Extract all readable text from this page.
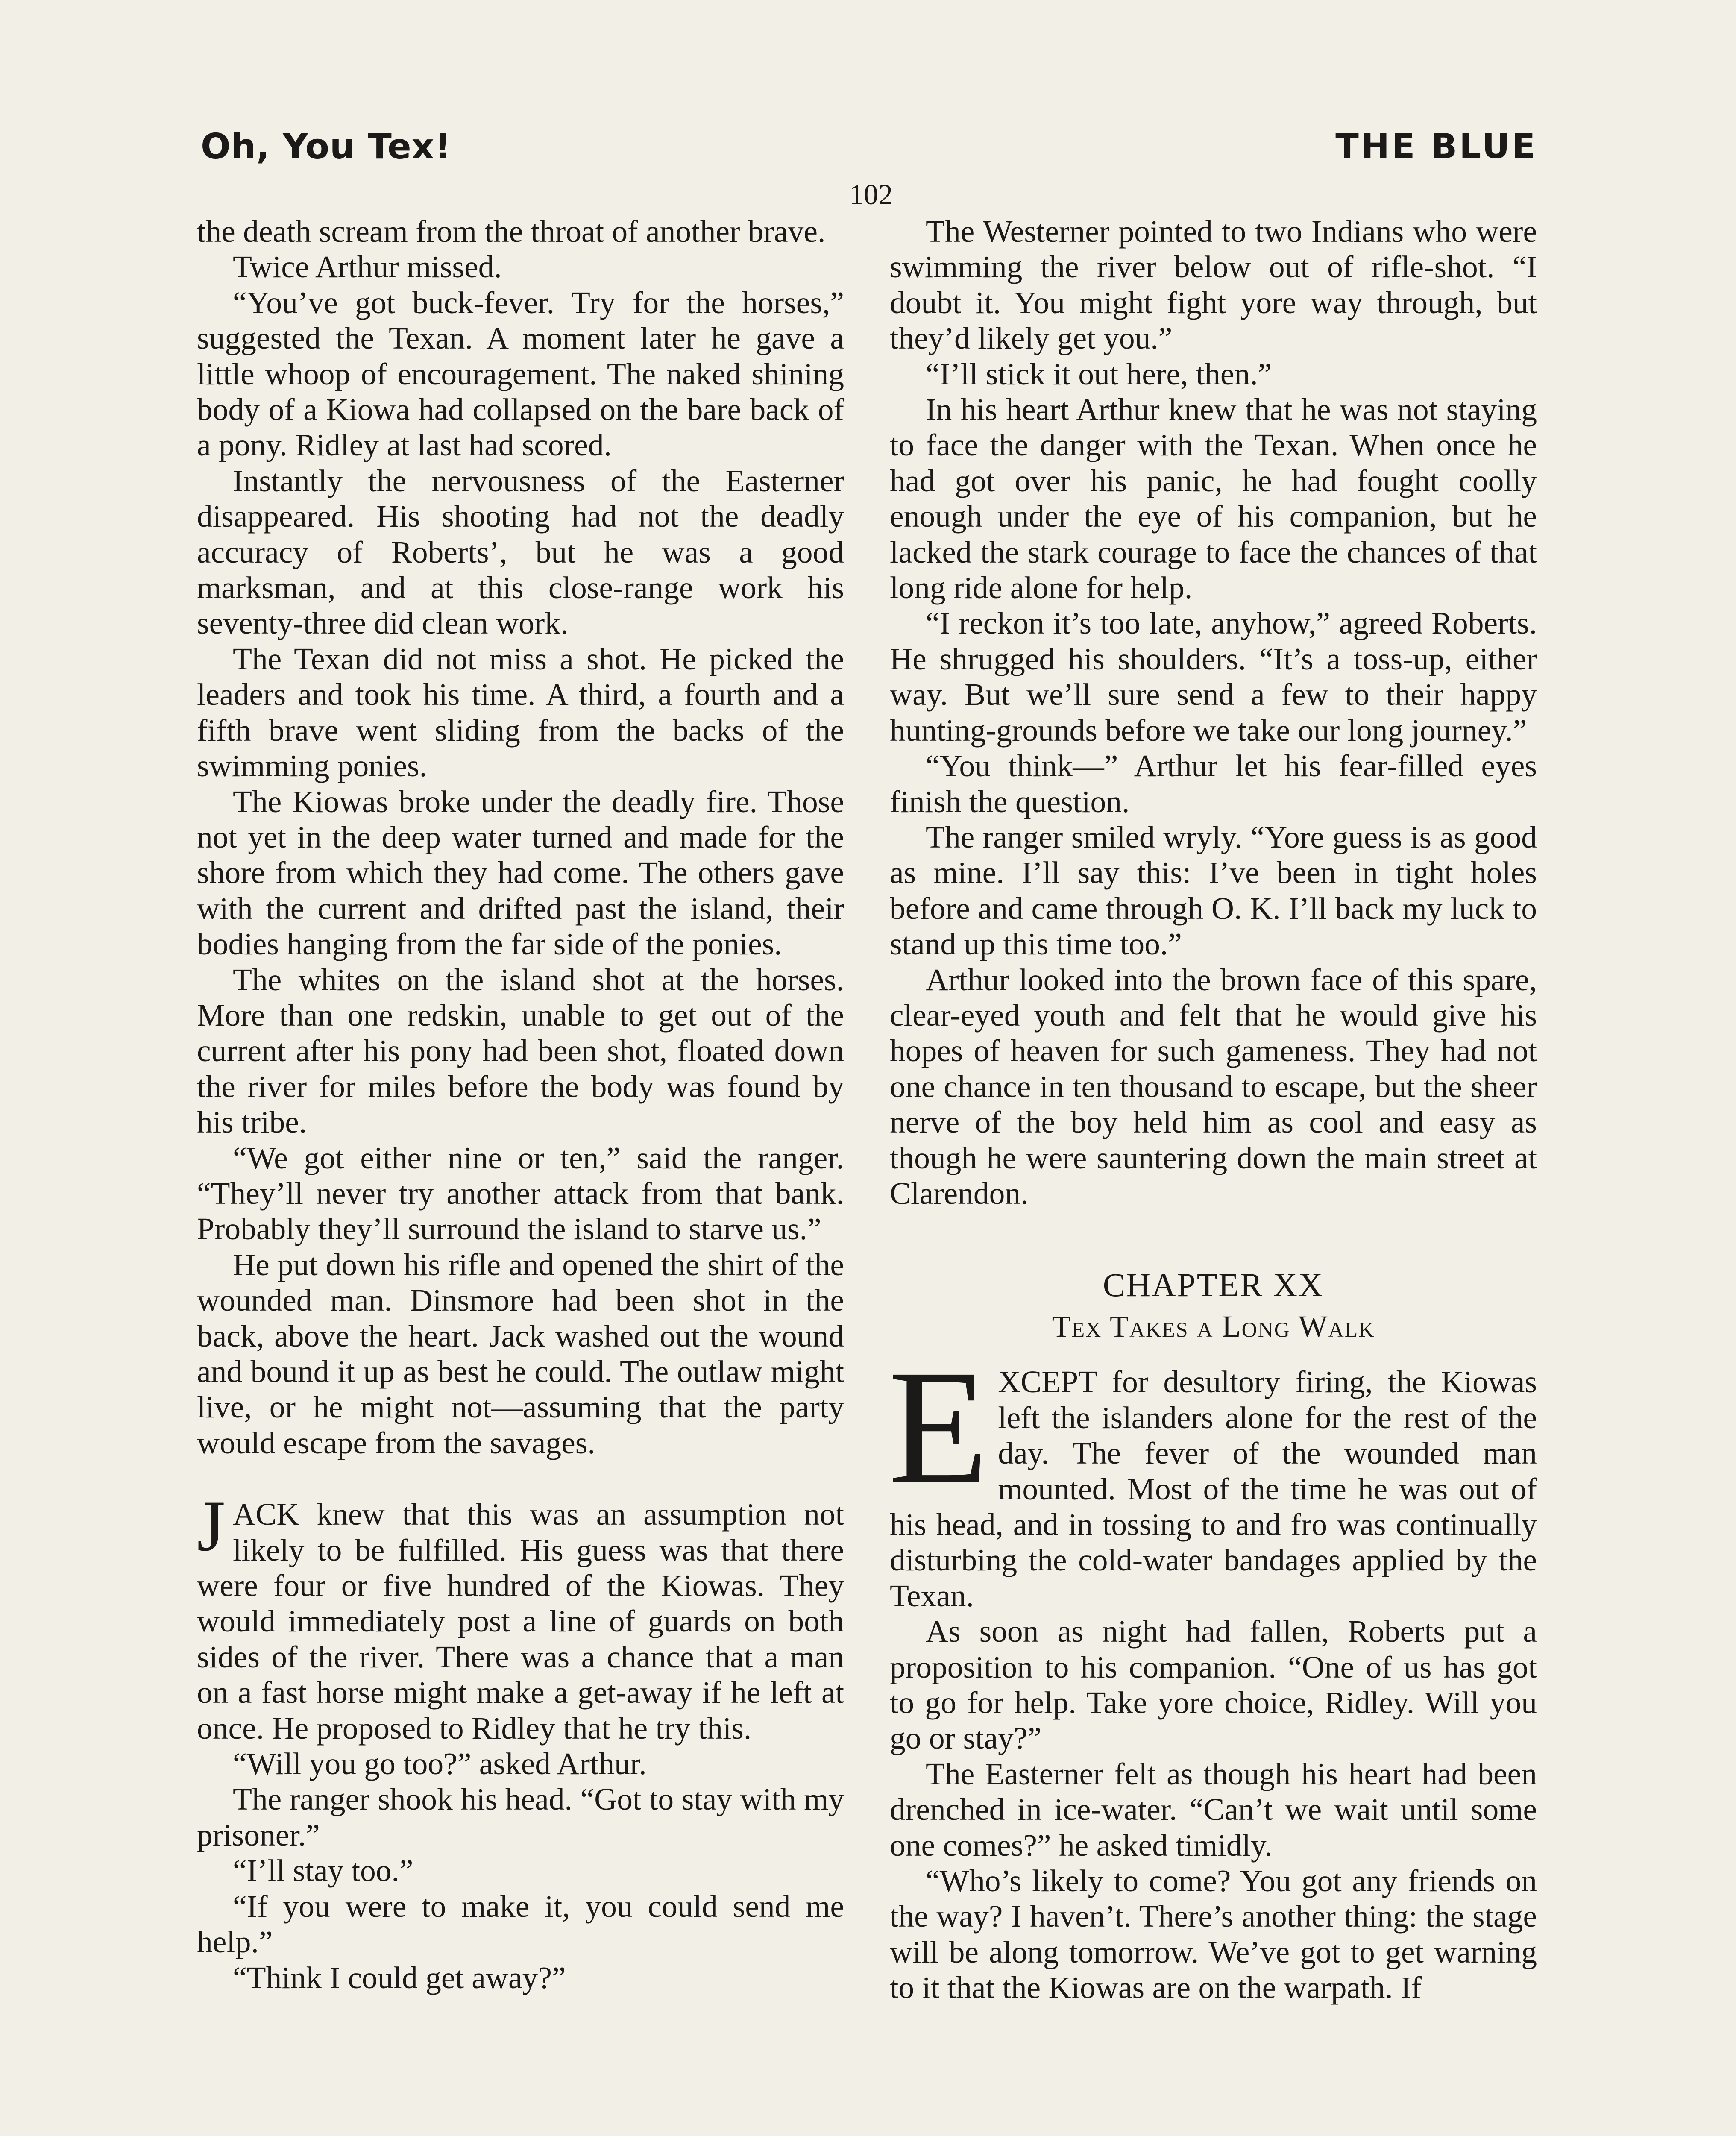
Oh, You Tex!	THE BLUE
102

the death scream from the throat of another brave.

Twice Arthur missed.

“You’ve got buck-fever. Try for the horses,” suggested the Texan. A moment later he gave a little whoop of encouragement. The naked shining body of a Kiowa had collapsed on the bare back of a pony. Ridley at last had scored.

Instantly the nervousness of the Easterner disappeared. His shooting had not the deadly accuracy of Roberts’, but he was a good marksman, and at this close-range work his seventy-three did clean work.

The Texan did not miss a shot. He picked the leaders and took his time. A third, a fourth and a fifth brave went sliding from the backs of the swimming ponies.

The Kiowas broke under the deadly fire. Those not yet in the deep water turned and made for the shore from which they had come. The others gave with the current and drifted past the island, their bodies hanging from the far side of the ponies.

The whites on the island shot at the horses. More than one redskin, unable to get out of the current after his pony had been shot, floated down the river for miles before the body was found by his tribe.

“We got either nine or ten,” said the ranger. “They’ll never try another attack from that bank. Probably they’ll surround the island to starve us.”

He put down his rifle and opened the shirt of the wounded man. Dinsmore had been shot in the back, above the heart. Jack washed out the wound and bound it up as best he could. The outlaw might live, or he might not—assuming that the party would escape from the savages.

JACK knew that this was an assumption not likely to be fulfilled. His guess was that there were four or five hundred of the Kiowas. They would immediately post a line of guards on both sides of the river. There was a chance that a man on a fast horse might make a get-away if he left at once. He proposed to Ridley that he try this.

“Will you go too?” asked Arthur.

The ranger shook his head. “Got to stay with my prisoner.”

“I’ll stay too.”

“If you were to make it, you could send me help.”

“Think I could get away?”

The Westerner pointed to two Indians who were swimming the river below out of rifle-shot. “I doubt it. You might fight yore way through, but they’d likely get you.”

“I’ll stick it out here, then.”

In his heart Arthur knew that he was not staying to face the danger with the Texan. When once he had got over his panic, he had fought coolly enough under the eye of his companion, but he lacked the stark courage to face the chances of that long ride alone for help.

“I reckon it’s too late, anyhow,” agreed Roberts. He shrugged his shoulders. “It’s a toss-up, either way. But we’ll sure send a few to their happy hunting-grounds before we take our long journey.”

“You think—” Arthur let his fear-filled eyes finish the question.

The ranger smiled wryly. “Yore guess is as good as mine. I’ll say this: I’ve been in tight holes before and came through O. K. I’ll back my luck to stand up this time too.”

Arthur looked into the brown face of this spare, clear-eyed youth and felt that he would give his hopes of heaven for such gameness. They had not one chance in ten thousand to escape, but the sheer nerve of the boy held him as cool and easy as though he were sauntering down the main street at Clarendon.

CHAPTER XX
Tex Takes a Long Walk

EXCEPT for desultory firing, the Kiowas left the islanders alone for the rest of the day. The fever of the wounded man mounted. Most of the time he was out of his head, and in tossing to and fro was continually disturbing the cold-water bandages applied by the Texan.

As soon as night had fallen, Roberts put a proposition to his companion. “One of us has got to go for help. Take yore choice, Ridley. Will you go or stay?”

The Easterner felt as though his heart had been drenched in ice-water. “Can’t we wait until some one comes?” he asked timidly.

“Who’s likely to come? You got any friends on the way? I haven’t. There’s another thing: the stage will be along tomorrow. We’ve got to get warning to it that the Kiowas are on the warpath. If
